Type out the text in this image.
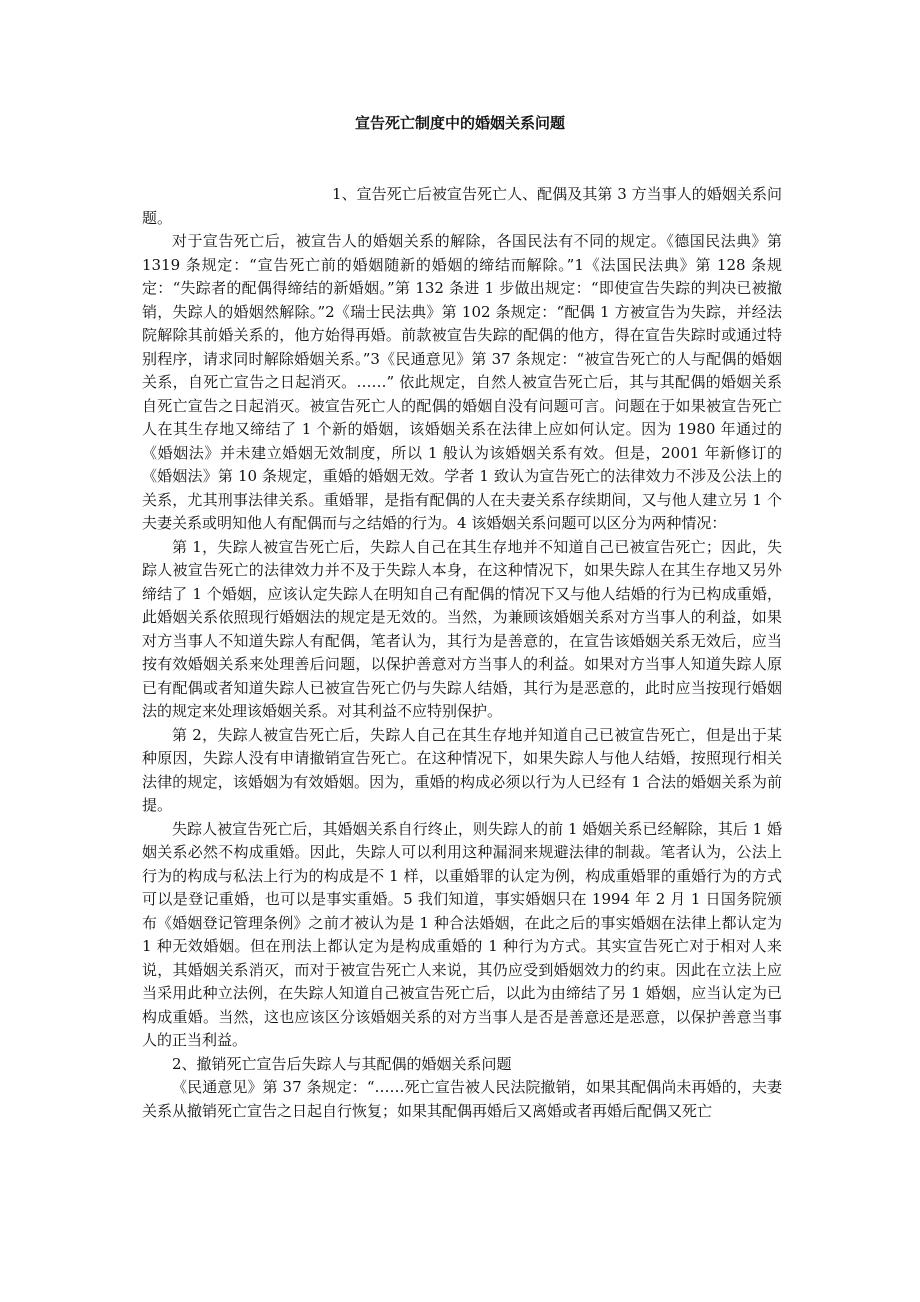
宣告死亡制度中的婚姻关系问题

1、宣告死亡后被宣告死亡人、配偶及其第 3 方当事人的婚姻关系问题。

对于宣告死亡后，被宣告人的婚姻关系的解除，各国民法有不同的规定。《德国民法典》第 1319 条规定：“宣告死亡前的婚姻随新的婚姻的缔结而解除。”1《法国民法典》第 128 条规定：“失踪者的配偶得缔结的新婚姻。”第 132 条进 1 步做出规定：“即使宣告失踪的判决已被撤销，失踪人的婚姻然解除。”2《瑞士民法典》第 102 条规定：“配偶 1 方被宣告为失踪，并经法院解除其前婚关系的，他方始得再婚。前款被宣告失踪的配偶的他方，得在宣告失踪时或通过特别程序，请求同时解除婚姻关系。”3《民通意见》第 37 条规定：“被宣告死亡的人与配偶的婚姻关系，自死亡宣告之日起消灭。……” 依此规定，自然人被宣告死亡后，其与其配偶的婚姻关系自死亡宣告之日起消灭。被宣告死亡人的配偶的婚姻自没有问题可言。问题在于如果被宣告死亡人在其生存地又缔结了 1 个新的婚姻，该婚姻关系在法律上应如何认定。因为 1980 年通过的《婚姻法》并未建立婚姻无效制度，所以 1 般认为该婚姻关系有效。但是，2001 年新修订的《婚姻法》第 10 条规定，重婚的婚姻无效。学者 1 致认为宣告死亡的法律效力不涉及公法上的关系，尤其刑事法律关系。重婚罪，是指有配偶的人在夫妻关系存续期间，又与他人建立另 1 个夫妻关系或明知他人有配偶而与之结婚的行为。4 该婚姻关系问题可以区分为两种情况：

第 1，失踪人被宣告死亡后，失踪人自己在其生存地并不知道自己已被宣告死亡；因此，失踪人被宣告死亡的法律效力并不及于失踪人本身，在这种情况下，如果失踪人在其生存地又另外缔结了 1 个婚姻，应该认定失踪人在明知自己有配偶的情况下又与他人结婚的行为已构成重婚，此婚姻关系依照现行婚姻法的规定是无效的。当然，为兼顾该婚姻关系对方当事人的利益，如果对方当事人不知道失踪人有配偶，笔者认为，其行为是善意的，在宣告该婚姻关系无效后，应当按有效婚姻关系来处理善后问题，以保护善意对方当事人的利益。如果对方当事人知道失踪人原已有配偶或者知道失踪人已被宣告死亡仍与失踪人结婚，其行为是恶意的，此时应当按现行婚姻法的规定来处理该婚姻关系。对其利益不应特别保护。

第 2，失踪人被宣告死亡后，失踪人自己在其生存地并知道自己已被宣告死亡，但是出于某种原因，失踪人没有申请撤销宣告死亡。在这种情况下，如果失踪人与他人结婚，按照现行相关法律的规定，该婚姻为有效婚姻。因为，重婚的构成必须以行为人已经有 1 合法的婚姻关系为前提。

失踪人被宣告死亡后，其婚姻关系自行终止，则失踪人的前 1 婚姻关系已经解除，其后 1 婚姻关系必然不构成重婚。因此，失踪人可以利用这种漏洞来规避法律的制裁。笔者认为，公法上行为的构成与私法上行为的构成是不 1 样，以重婚罪的认定为例，构成重婚罪的重婚行为的方式可以是登记重婚，也可以是事实重婚。5 我们知道，事实婚姻只在 1994 年 2 月 1 日国务院颁布《婚姻登记管理条例》之前才被认为是 1 种合法婚姻，在此之后的事实婚姻在法律上都认定为 1 种无效婚姻。但在刑法上都认定为是构成重婚的 1 种行为方式。其实宣告死亡对于相对人来说，其婚姻关系消灭，而对于被宣告死亡人来说，其仍应受到婚姻效力的约束。因此在立法上应当采用此种立法例，在失踪人知道自己被宣告死亡后，以此为由缔结了另 1 婚姻，应当认定为已构成重婚。当然，这也应该区分该婚姻关系的对方当事人是否是善意还是恶意，以保护善意当事人的正当利益。

2、撤销死亡宣告后失踪人与其配偶的婚姻关系问题

《民通意见》第 37 条规定：“……死亡宣告被人民法院撤销，如果其配偶尚未再婚的，夫妻关系从撤销死亡宣告之日起自行恢复；如果其配偶再婚后又离婚或者再婚后配偶又死亡
